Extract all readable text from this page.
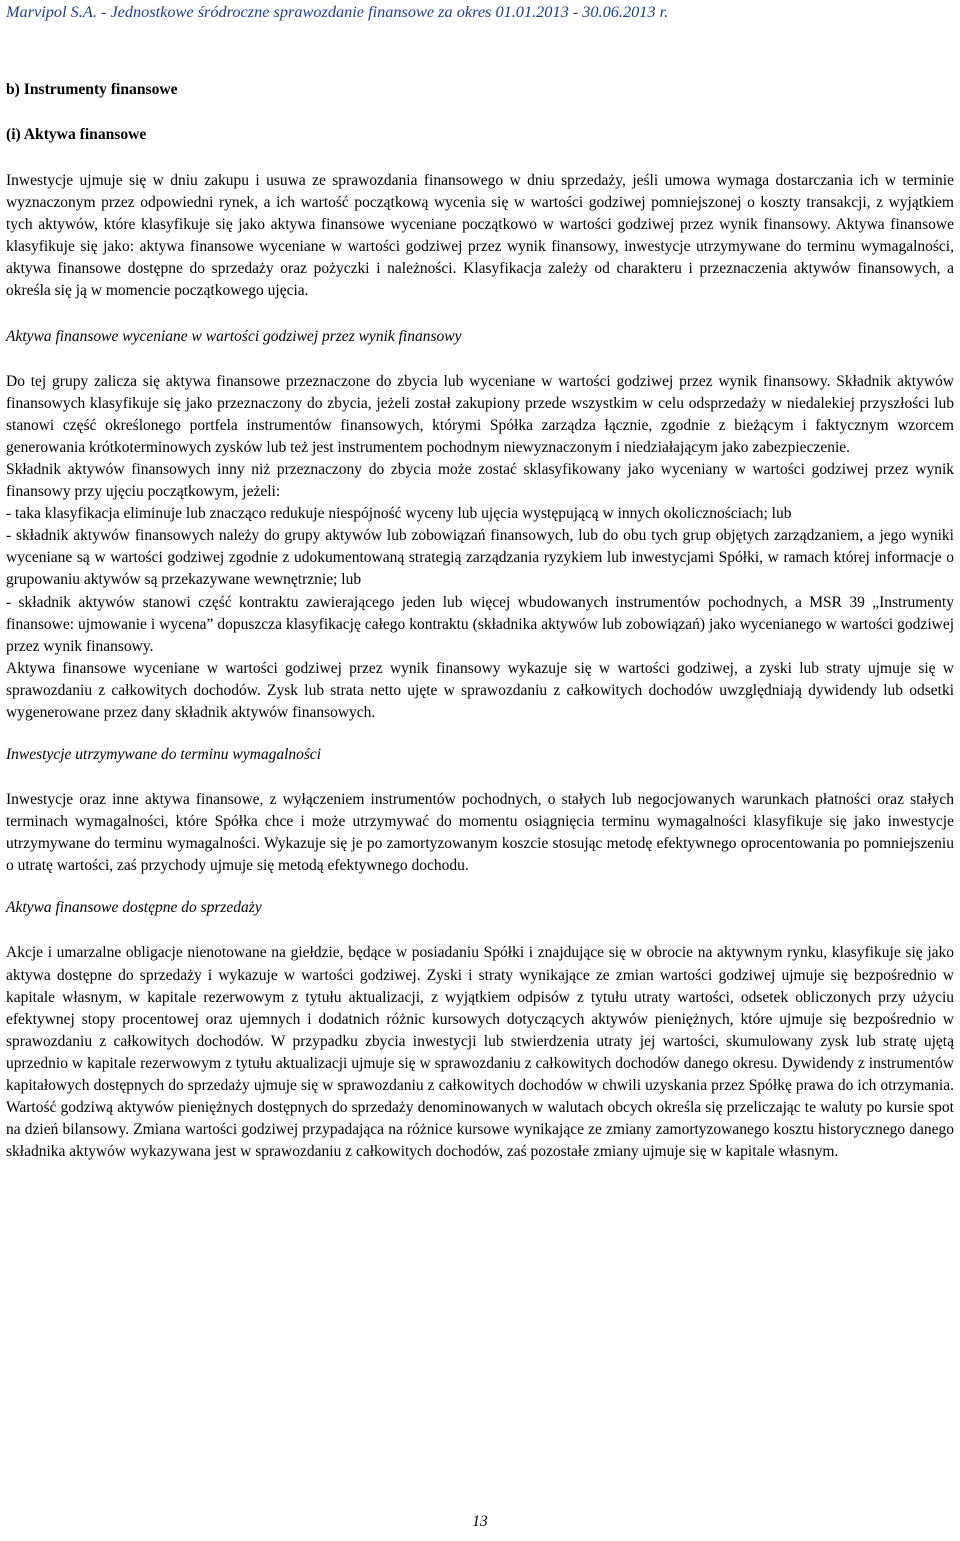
Marvipol S.A. - Jednostkowe śródroczne sprawozdanie finansowe za okres 01.01.2013 - 30.06.2013 r.

b) Instrumenty finansowe

(i) Aktywa finansowe

Inwestycje ujmuje się w dniu zakupu i usuwa ze sprawozdania finansowego w dniu sprzedaży, jeśli umowa wymaga dostarczania ich w terminie wyznaczonym przez odpowiedni rynek, a ich wartość początkową wycenia się w wartości godziwej pomniejszonej o koszty transakcji, z wyjątkiem tych aktywów, które klasyfikuje się jako aktywa finansowe wyceniane początkowo w wartości godziwej przez wynik finansowy. Aktywa finansowe klasyfikuje się jako: aktywa finansowe wyceniane w wartości godziwej przez wynik finansowy, inwestycje utrzymywane do terminu wymagalności, aktywa finansowe dostępne do sprzedaży oraz pożyczki i należności. Klasyfikacja zależy od charakteru i przeznaczenia aktywów finansowych, a określa się ją w momencie początkowego ujęcia.

Aktywa finansowe wyceniane w wartości godziwej przez wynik finansowy

Do tej grupy zalicza się aktywa finansowe przeznaczone do zbycia lub wyceniane w wartości godziwej przez wynik finansowy. Składnik aktywów finansowych klasyfikuje się jako przeznaczony do zbycia, jeżeli został zakupiony przede wszystkim w celu odsprzedaży w niedalekiej przyszłości lub stanowi część określonego portfela instrumentów finansowych, którymi Spółka zarządza łącznie, zgodnie z bieżącym i faktycznym wzorcem generowania krótkoterminowych zysków lub też jest instrumentem pochodnym niewyznaczonym i niedziałającym jako zabezpieczenie.

Składnik aktywów finansowych inny niż przeznaczony do zbycia może zostać sklasyfikowany jako wyceniany w wartości godziwej przez wynik finansowy przy ujęciu początkowym, jeżeli:

- taka klasyfikacja eliminuje lub znacząco redukuje niespójność wyceny lub ujęcia występującą w innych okolicznościach; lub

- składnik aktywów finansowych należy do grupy aktywów lub zobowiązań finansowych, lub do obu tych grup objętych zarządzaniem, a jego wyniki wyceniane są w wartości godziwej zgodnie z udokumentowaną strategią zarządzania ryzykiem lub inwestycjami Spółki, w ramach której informacje o grupowaniu aktywów są przekazywane wewnętrznie; lub

- składnik aktywów stanowi część kontraktu zawierającego jeden lub więcej wbudowanych instrumentów pochodnych, a MSR 39 „Instrumenty finansowe: ujmowanie i wycena” dopuszcza klasyfikację całego kontraktu (składnika aktywów lub zobowiązań) jako wycenianego w wartości godziwej przez wynik finansowy.

Aktywa finansowe wyceniane w wartości godziwej przez wynik finansowy wykazuje się w wartości godziwej, a zyski lub straty ujmuje się w sprawozdaniu z całkowitych dochodów. Zysk lub strata netto ujęte w sprawozdaniu z całkowitych dochodów uwzględniają dywidendy lub odsetki wygenerowane przez dany składnik aktywów finansowych.

Inwestycje utrzymywane do terminu wymagalności

Inwestycje oraz inne aktywa finansowe, z wyłączeniem instrumentów pochodnych, o stałych lub negocjowanych warunkach płatności oraz stałych terminach wymagalności, które Spółka chce i może utrzymywać do momentu osiągnięcia terminu wymagalności klasyfikuje się jako inwestycje utrzymywane do terminu wymagalności. Wykazuje się je po zamortyzowanym koszcie stosując metodę efektywnego oprocentowania po pomniejszeniu o utratę wartości, zaś przychody ujmuje się metodą efektywnego dochodu.

Aktywa finansowe dostępne do sprzedaży

Akcje i umarzalne obligacje nienotowane na giełdzie, będące w posiadaniu Spółki i znajdujące się w obrocie na aktywnym rynku, klasyfikuje się jako aktywa dostępne do sprzedaży i wykazuje w wartości godziwej. Zyski i straty wynikające ze zmian wartości godziwej ujmuje się bezpośrednio w kapitale własnym, w kapitale rezerwowym z tytułu aktualizacji, z wyjątkiem odpisów z tytułu utraty wartości, odsetek obliczonych przy użyciu efektywnej stopy procentowej oraz ujemnych i dodatnich różnic kursowych dotyczących aktywów pieniężnych, które ujmuje się bezpośrednio w sprawozdaniu z całkowitych dochodów. W przypadku zbycia inwestycji lub stwierdzenia utraty jej wartości, skumulowany zysk lub stratę ujętą uprzednio w kapitale rezerwowym z tytułu aktualizacji ujmuje się w sprawozdaniu z całkowitych dochodów danego okresu. Dywidendy z instrumentów kapitałowych dostępnych do sprzedaży ujmuje się w sprawozdaniu z całkowitych dochodów w chwili uzyskania przez Spółkę prawa do ich otrzymania. Wartość godziwą aktywów pieniężnych dostępnych do sprzedaży denominowanych w walutach obcych określa się przeliczając te waluty po kursie spot na dzień bilansowy. Zmiana wartości godziwej przypadająca na różnice kursowe wynikające ze zmiany zamortyzowanego kosztu historycznego danego składnika aktywów wykazywana jest w sprawozdaniu z całkowitych dochodów, zaś pozostałe zmiany ujmuje się w kapitale własnym.

13
